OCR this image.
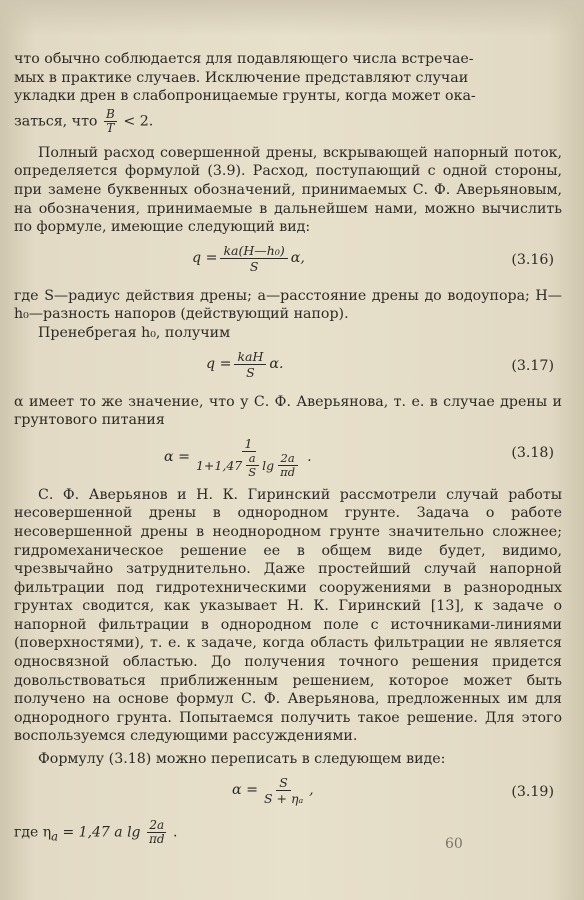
что обычно соблюдается для подавляющего числа встречае-

мых в практике случаев. Исключение представляют случаи

укладки дрен в слабопроницаемые грунты, когда может ока-

заться, что $\frac{B}{T} < 2$.

Полный расход совершенной дрены, вскрывающей напорный поток, определяется формулой (3.9). Расход, поступающий с одной стороны, при замене буквенных обозначений, принимаемых С. Ф. Аверьяновым, на обозначения, принимаемые в дальнейшем нами, можно вычислить по формуле, имеющие следующий вид:

$q = \frac{\text{ka(H—h₀)}}{S} \alpha$,	(3.16)

где S—радиус действия дрены; a—расстояние дрены до водоупора; H—h₀—разность напоров (действующий напор).

Пренебрегая h₀, получим

$q = \frac{\text{kaH}}{S} \alpha$.	(3.17)

α имеет то же значение, что у С. Ф. Аверьянова, т. е. в случае дрены и грунтового питания

α =
1
$1+1,47 \frac{a}{S}$ $\lg \frac{2a}{\pi d}$ .	(3.18)

С. Ф. Аверьянов и Н. К. Гиринский рассмотрели случай работы несовершенной дрены в однородном грунте. Задача о работе несовершенной дрены в неоднородном грунте значительно сложнее; гидромеханическое решение ее в общем виде будет, видимо, чрезвычайно затруднительно. Даже простейший случай напорной фильтрации под гидротехническими сооружениями в разнородных грунтах сводится, как указывает Н. К. Гиринский [13], к задаче о напорной фильтрации в однородном поле с источниками-линиями (поверхностями), т. е. к задаче, когда область фильтрации не является односвязной областью. До получения точного решения придется довольствоваться приближенным решением, которое может быть получено на основе формул С. Ф. Аверьянова, предложенных им для однородного грунта. Попытаемся получить такое решение. Для этого воспользуемся следующими рассуждениями.

Формулу (3.18) можно переписать в следующем виде:

$\alpha = \frac{S}{\text{S + ηₐ}}$ ,	(3.19)

где $\eta_a = 1,47$ a $\lg \frac{2a}{\pi d}$ .

60
